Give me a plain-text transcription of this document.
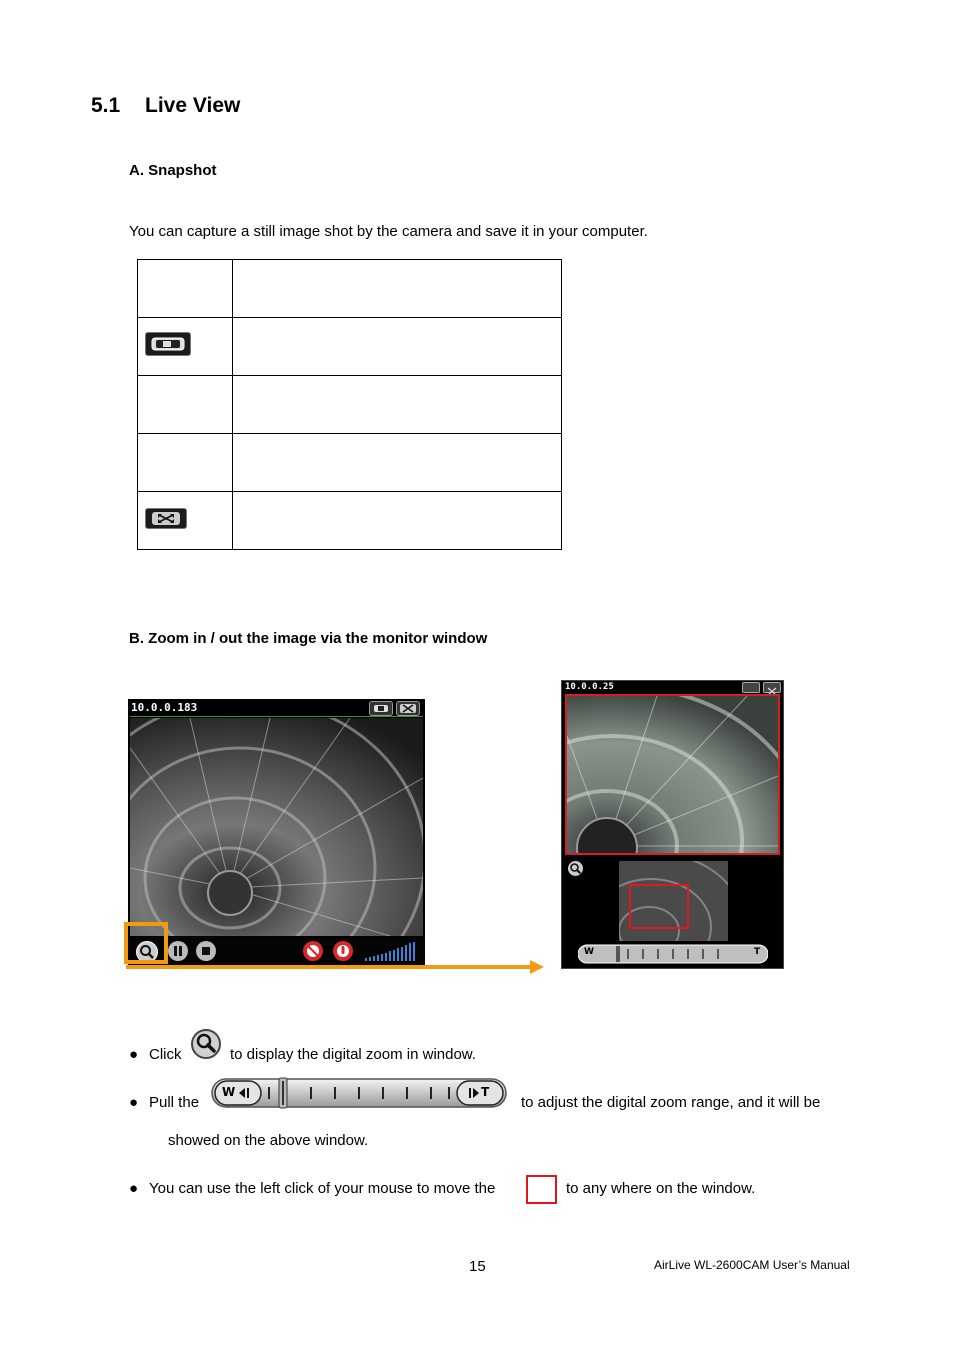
5.1 Live View
A. Snapshot
You can capture a still image shot by the camera and save it in your computer.

B. Zoom in / out the image via the monitor window
10.0.0.183
10.0.0.25
W	T
● Click	to display the digital zoom in window.
● Pull the
W	T
to adjust the digital zoom range, and it will be
showed on the above window.
● You can use the left click of your mouse to move the	to any where on the window.
15	AirLive WL-2600CAM User’s Manual
